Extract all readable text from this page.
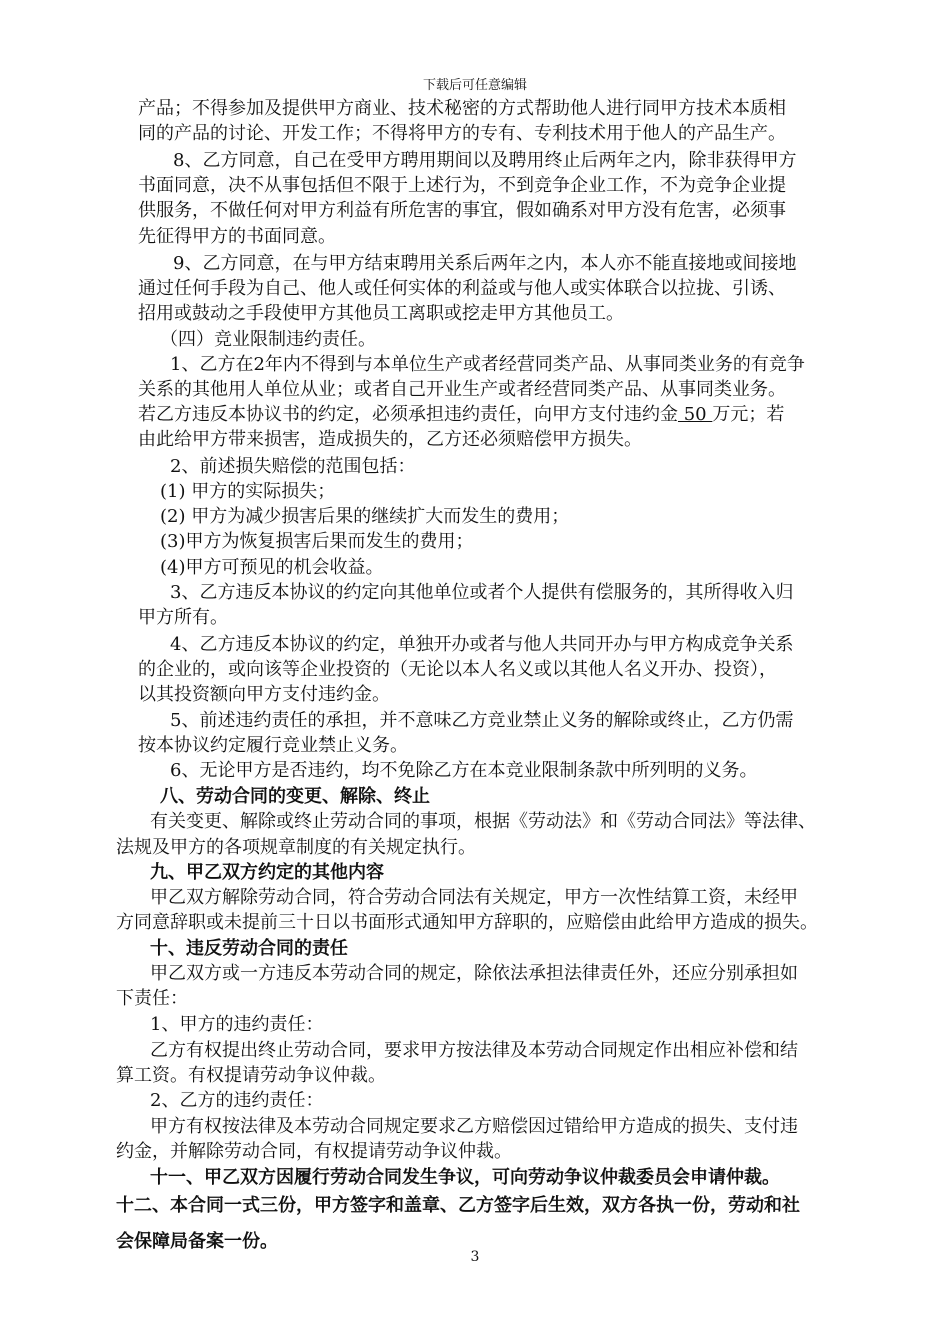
下载后可任意编辑
产品；不得参加及提供甲方商业、技术秘密的方式帮助他人进行同甲方技术本质相
同的产品的讨论、开发工作；不得将甲方的专有、专利技术用于他人的产品生产。
8、乙方同意，自己在受甲方聘用期间以及聘用终止后两年之内，除非获得甲方
书面同意，决不从事包括但不限于上述行为，不到竞争企业工作，不为竞争企业提
供服务，不做任何对甲方利益有所危害的事宜，假如确系对甲方没有危害，必须事
先征得甲方的书面同意。
9、乙方同意，在与甲方结束聘用关系后两年之内，本人亦不能直接地或间接地
通过任何手段为自己、他人或任何实体的利益或与他人或实体联合以拉拢、引诱、
招用或鼓动之手段使甲方其他员工离职或挖走甲方其他员工。
（四）竞业限制违约责任。
1、乙方在2年内不得到与本单位生产或者经营同类产品、从事同类业务的有竞争
关系的其他用人单位从业；或者自己开业生产或者经营同类产品、从事同类业务。
若乙方违反本协议书的约定，必须承担违约责任，向甲方支付违约金 50 万元；若
由此给甲方带来损害，造成损失的，乙方还必须赔偿甲方损失。
2、前述损失赔偿的范围包括：
(1) 甲方的实际损失；
(2) 甲方为减少损害后果的继续扩大而发生的费用；
(3)甲方为恢复损害后果而发生的费用；
(4)甲方可预见的机会收益。
3、乙方违反本协议的约定向其他单位或者个人提供有偿服务的，其所得收入归
甲方所有。
4、乙方违反本协议的约定，单独开办或者与他人共同开办与甲方构成竞争关系
的企业的，或向该等企业投资的（无论以本人名义或以其他人名义开办、投资），
以其投资额向甲方支付违约金。
5、前述违约责任的承担，并不意味乙方竞业禁止义务的解除或终止，乙方仍需
按本协议约定履行竞业禁止义务。
6、无论甲方是否违约，均不免除乙方在本竞业限制条款中所列明的义务。
八、劳动合同的变更、解除、终止
有关变更、解除或终止劳动合同的事项，根据《劳动法》和《劳动合同法》等法律、
法规及甲方的各项规章制度的有关规定执行。
九、甲乙双方约定的其他内容
甲乙双方解除劳动合同，符合劳动合同法有关规定，甲方一次性结算工资，未经甲
方同意辞职或未提前三十日以书面形式通知甲方辞职的，应赔偿由此给甲方造成的损失。
十、违反劳动合同的责任
甲乙双方或一方违反本劳动合同的规定，除依法承担法律责任外，还应分别承担如
下责任：
1、甲方的违约责任：
乙方有权提出终止劳动合同，要求甲方按法律及本劳动合同规定作出相应补偿和结
算工资。有权提请劳动争议仲裁。
2、乙方的违约责任：
甲方有权按法律及本劳动合同规定要求乙方赔偿因过错给甲方造成的损失、支付违
约金，并解除劳动合同，有权提请劳动争议仲裁。
十一、甲乙双方因履行劳动合同发生争议，可向劳动争议仲裁委员会申请仲裁。
十二、本合同一式三份，甲方签字和盖章、乙方签字后生效，双方各执一份，劳动和社
会保障局备案一份。
3
